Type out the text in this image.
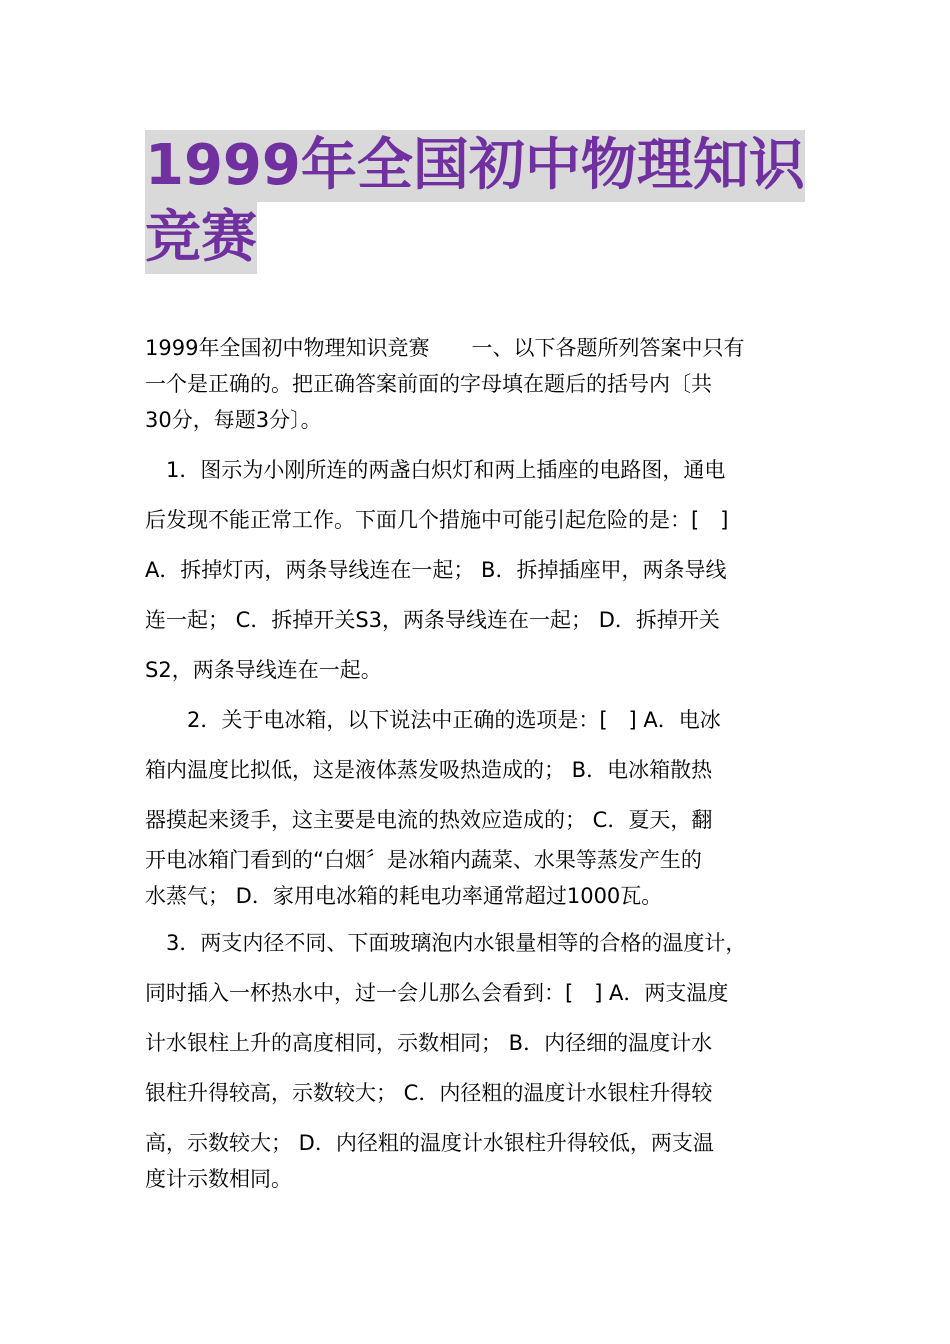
1999年全国初中物理知识
竞赛
1999年全国初中物理知识竞赛　　一、以下各题所列答案中只有
一个是正确的。把正确答案前面的字母填在题后的括号内〔共
30分，每题3分〕。
　1．图示为小刚所连的两盏白炽灯和两上插座的电路图，通电
后发现不能正常工作。下面几个措施中可能引起危险的是：[　]
A．拆掉灯丙，两条导线连在一起； B．拆掉插座甲，两条导线
连一起； C．拆掉开关S3，两条导线连在一起； D．拆掉开关
S2，两条导线连在一起。
　　2．关于电冰箱，以下说法中正确的选项是：[　] A．电冰
箱内温度比拟低，这是液体蒸发吸热造成的； B．电冰箱散热
器摸起来烫手，这主要是电流的热效应造成的； C．夏天，翻
开电冰箱门看到的“白烟〞是冰箱内蔬菜、水果等蒸发产生的
水蒸气； D．家用电冰箱的耗电功率通常超过1000瓦。
　3．两支内径不同、下面玻璃泡内水银量相等的合格的温度计，
同时插入一杯热水中，过一会儿那么会看到：[　] A．两支温度
计水银柱上升的高度相同，示数相同； B．内径细的温度计水
银柱升得较高，示数较大； C．内径粗的温度计水银柱升得较
高，示数较大； D．内径粗的温度计水银柱升得较低，两支温
度计示数相同。
